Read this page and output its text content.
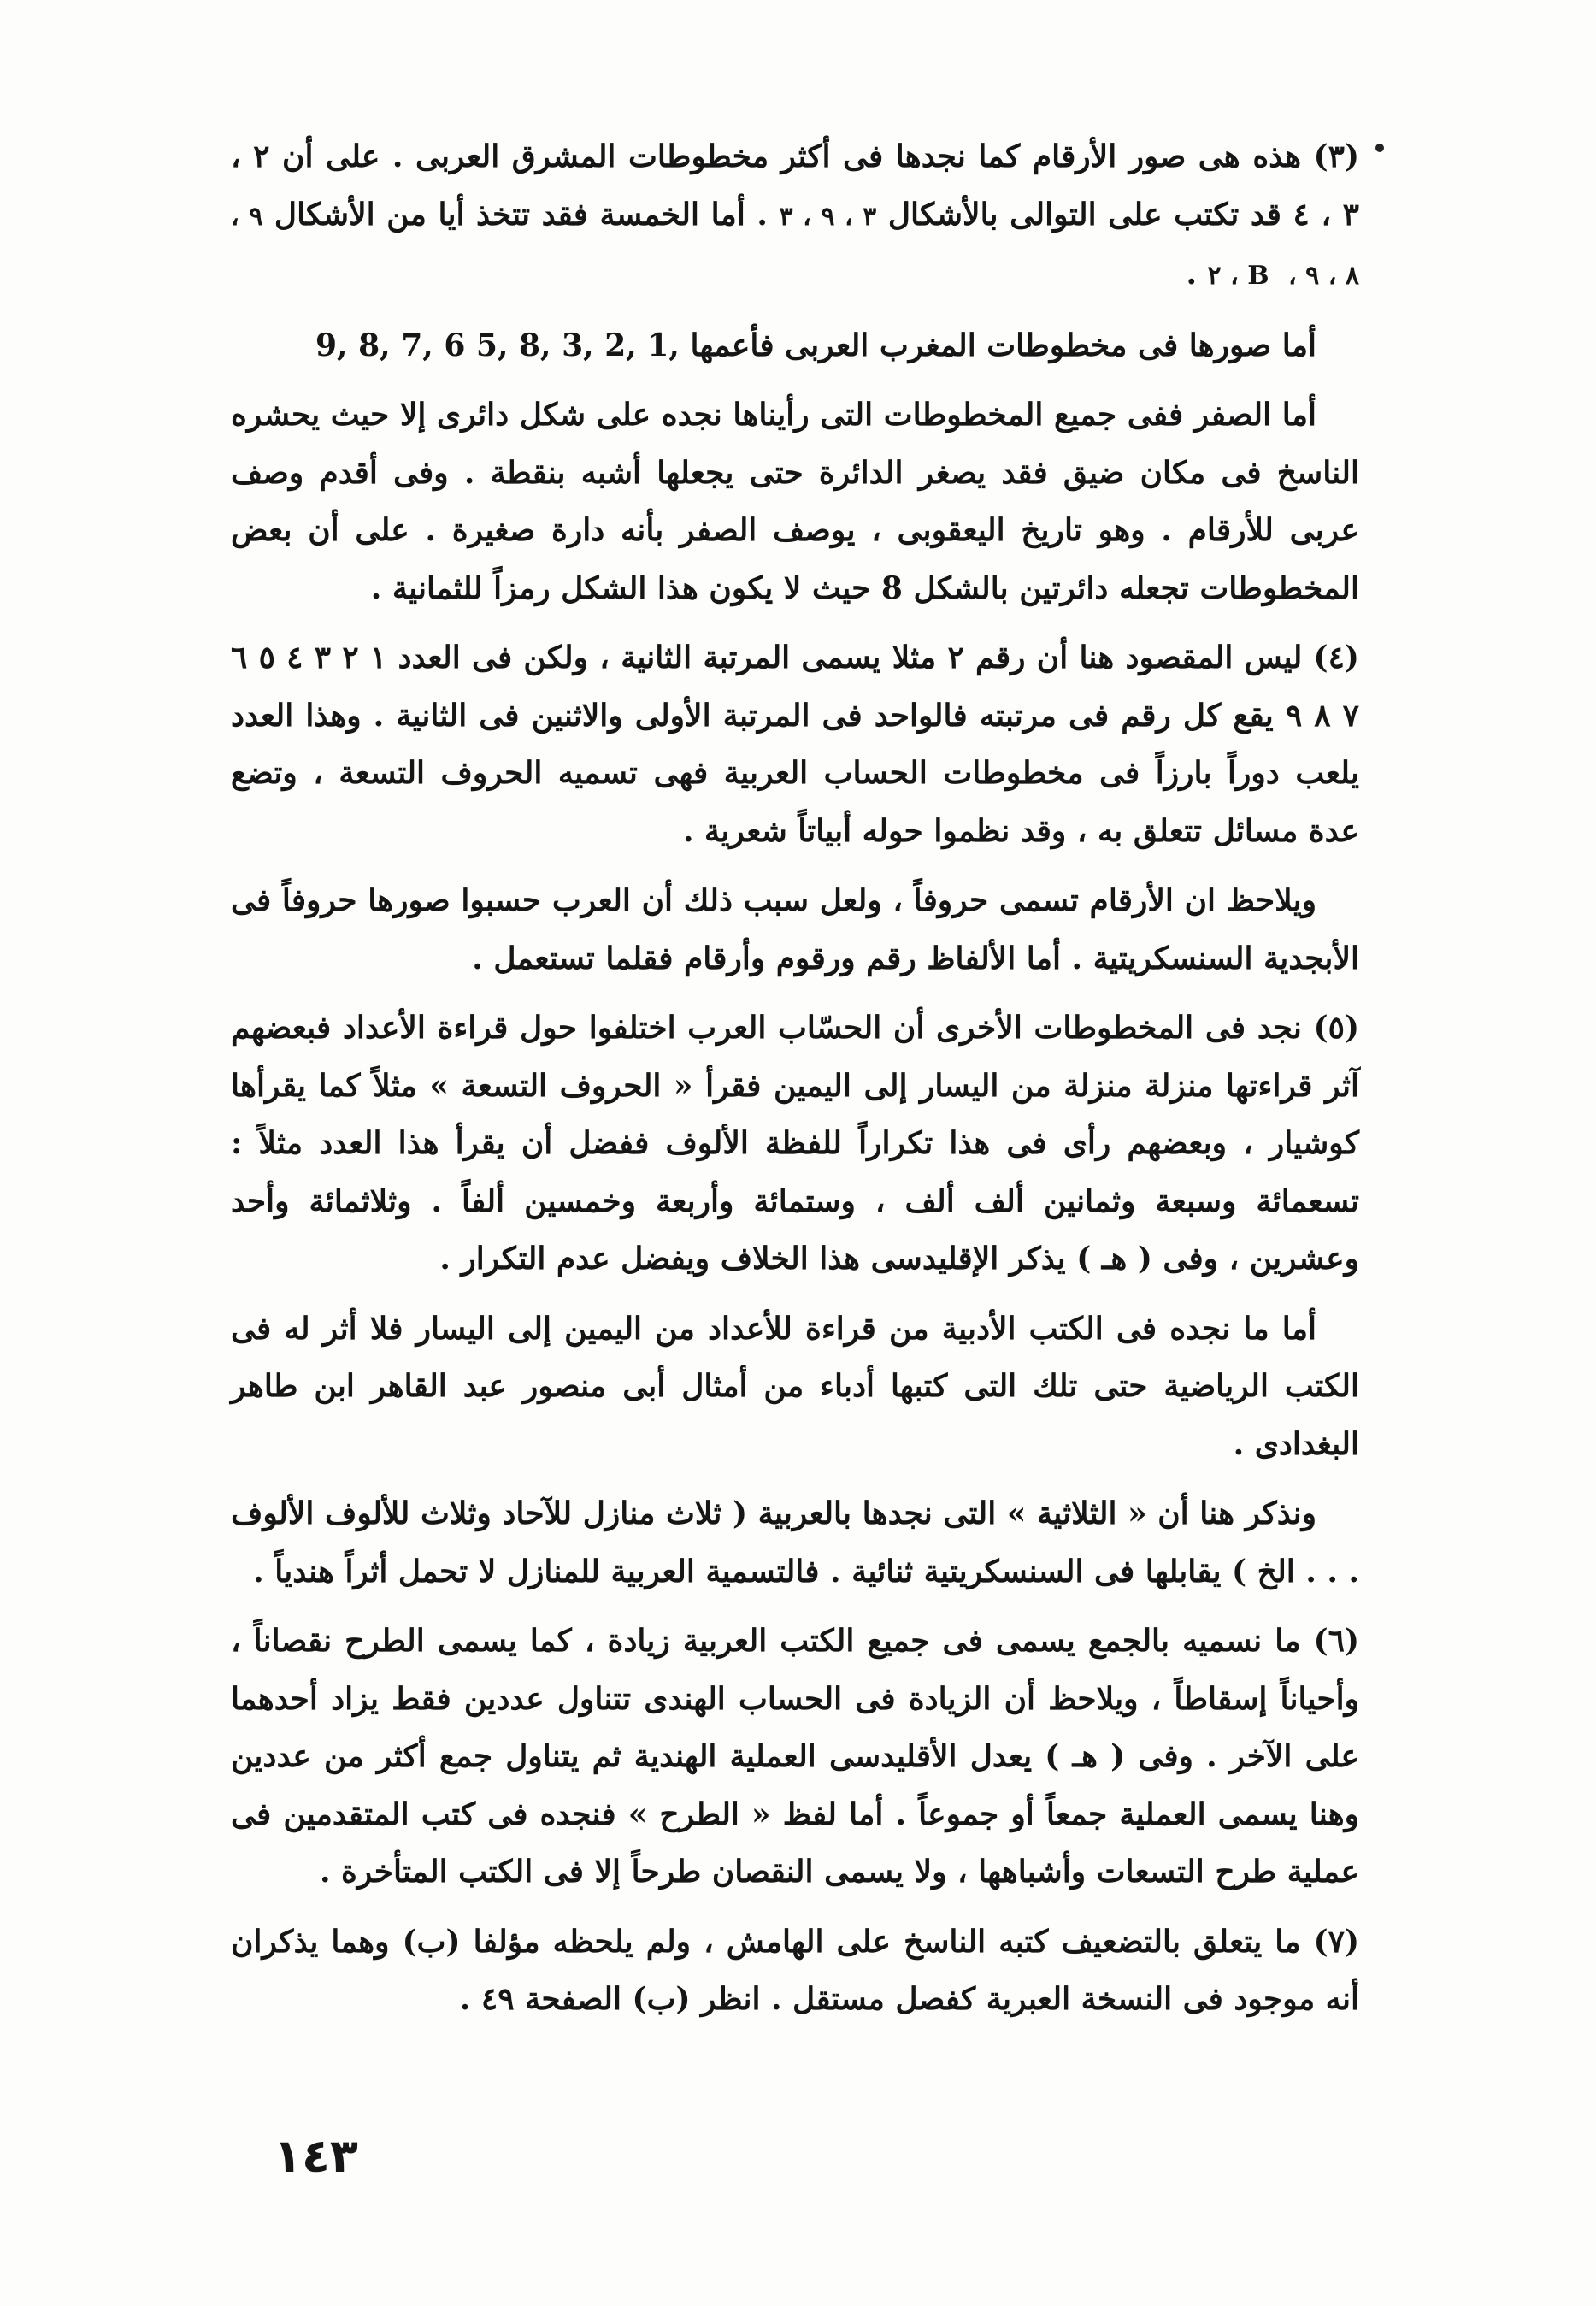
(٣) هذه هى صور الأرقام كما نجدها فى أكثر مخطوطات المشرق العربى . على أن ٢ ، ٣ ، ٤ قد تكتب على التوالى بالأشكال ٣ ، ٩ ، ٣ . أما الخمسة فقد تتخذ أيا من الأشكال ٩ ، ٢ ، B ، ٨ ، ٩ .

أما صورها فى مخطوطات المغرب العربى فأعمها 9, 8, 7, 6 5, 8, 3, 2, 1,

أما الصفر ففى جميع المخطوطات التى رأيناها نجده على شكل دائرى إلا حيث يحشره الناسخ فى مكان ضيق فقد يصغر الدائرة حتى يجعلها أشبه بنقطة . وفى أقدم وصف عربى للأرقام . وهو تاريخ اليعقوبى ، يوصف الصفر بأنه دارة صغيرة . على أن بعض المخطوطات تجعله دائرتين بالشكل 8 حيث لا يكون هذا الشكل رمزاً للثمانية .

(٤) ليس المقصود هنا أن رقم ٢ مثلا يسمى المرتبة الثانية ، ولكن فى العدد ١ ٢ ٣ ٤ ٥ ٦ ٧ ٨ ٩ يقع كل رقم فى مرتبته فالواحد فى المرتبة الأولى والاثنين فى الثانية . وهذا العدد يلعب دوراً بارزاً فى مخطوطات الحساب العربية فهى تسميه الحروف التسعة ، وتضع عدة مسائل تتعلق به ، وقد نظموا حوله أبياتاً شعرية .

ويلاحظ ان الأرقام تسمى حروفاً ، ولعل سبب ذلك أن العرب حسبوا صورها حروفاً فى الأبجدية السنسكريتية . أما الألفاظ رقم ورقوم وأرقام فقلما تستعمل .

(٥) نجد فى المخطوطات الأخرى أن الحسّاب العرب اختلفوا حول قراءة الأعداد فبعضهم آثر قراءتها منزلة منزلة من اليسار إلى اليمين فقرأ « الحروف التسعة » مثلاً كما يقرأها كوشيار ، وبعضهم رأى فى هذا تكراراً للفظة الألوف ففضل أن يقرأ هذا العدد مثلاً : تسعمائة وسبعة وثمانين ألف ألف ، وستمائة وأربعة وخمسين ألفاً . وثلاثمائة وأحد وعشرين ، وفى ( هـ ) يذكر الإقليدسى هذا الخلاف ويفضل عدم التكرار .

أما ما نجده فى الكتب الأدبية من قراءة للأعداد من اليمين إلى اليسار فلا أثر له فى الكتب الرياضية حتى تلك التى كتبها أدباء من أمثال أبى منصور عبد القاهر ابن طاهر البغدادى .

ونذكر هنا أن « الثلاثية » التى نجدها بالعربية ( ثلاث منازل للآحاد وثلاث للألوف الألوف . . . الخ ) يقابلها فى السنسكريتية ثنائية . فالتسمية العربية للمنازل لا تحمل أثراً هندياً .

(٦) ما نسميه بالجمع يسمى فى جميع الكتب العربية زيادة ، كما يسمى الطرح نقصاناً ، وأحياناً إسقاطاً ، ويلاحظ أن الزيادة فى الحساب الهندى تتناول عددين فقط يزاد أحدهما على الآخر . وفى ( هـ ) يعدل الأقليدسى العملية الهندية ثم يتناول جمع أكثر من عددين وهنا يسمى العملية جمعاً أو جموعاً . أما لفظ « الطرح » فنجده فى كتب المتقدمين فى عملية طرح التسعات وأشباهها ، ولا يسمى النقصان طرحاً إلا فى الكتب المتأخرة .

(٧) ما يتعلق بالتضعيف كتبه الناسخ على الهامش ، ولم يلحظه مؤلفا (ب) وهما يذكران أنه موجود فى النسخة العبرية كفصل مستقل . انظر (ب) الصفحة ٤٩ .

١٤٣
